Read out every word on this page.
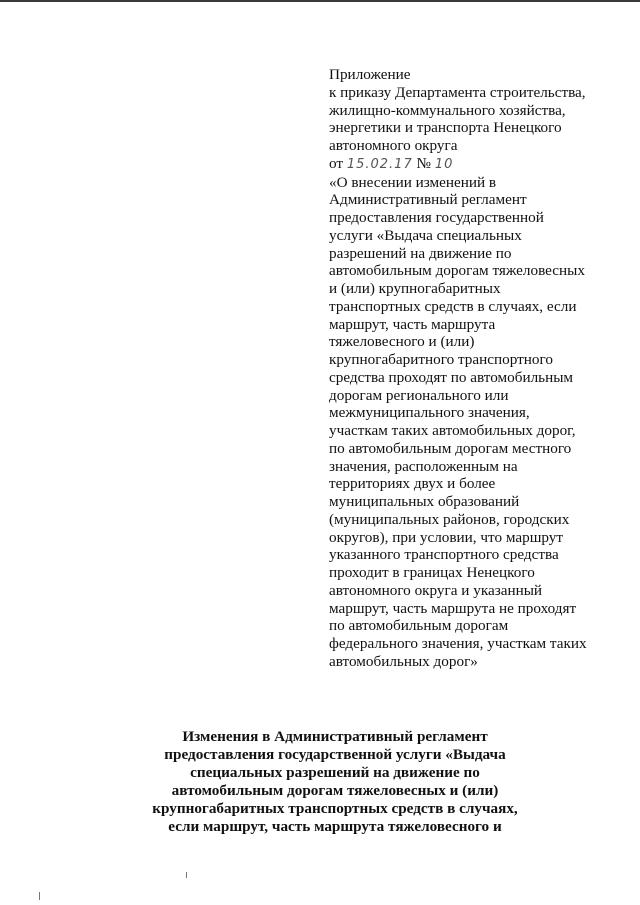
Приложение
к приказу Департамента строительства,
жилищно-коммунального хозяйства,
энергетики и транспорта Ненецкого
автономного округа
от 15.02.17 № 10
«О внесении изменений в
Административный регламент
предоставления государственной
услуги «Выдача специальных
разрешений на движение по
автомобильным дорогам тяжеловесных
и (или) крупногабаритных
транспортных средств в случаях, если
маршрут, часть маршрута
тяжеловесного и (или)
крупногабаритного транспортного
средства проходят по автомобильным
дорогам регионального или
межмуниципального значения,
участкам таких автомобильных дорог,
по автомобильным дорогам местного
значения, расположенным на
территориях двух и более
муниципальных образований
(муниципальных районов, городских
округов), при условии, что маршрут
указанного транспортного средства
проходит в границах Ненецкого
автономного округа и указанный
маршрут, часть маршрута не проходят
по автомобильным дорогам
федерального значения, участкам таких
автомобильных дорог»
Изменения в Административный регламент
предоставления государственной услуги «Выдача
специальных разрешений на движение по
автомобильным дорогам тяжеловесных и (или)
крупногабаритных транспортных средств в случаях,
если маршрут, часть маршрута тяжеловесного и
